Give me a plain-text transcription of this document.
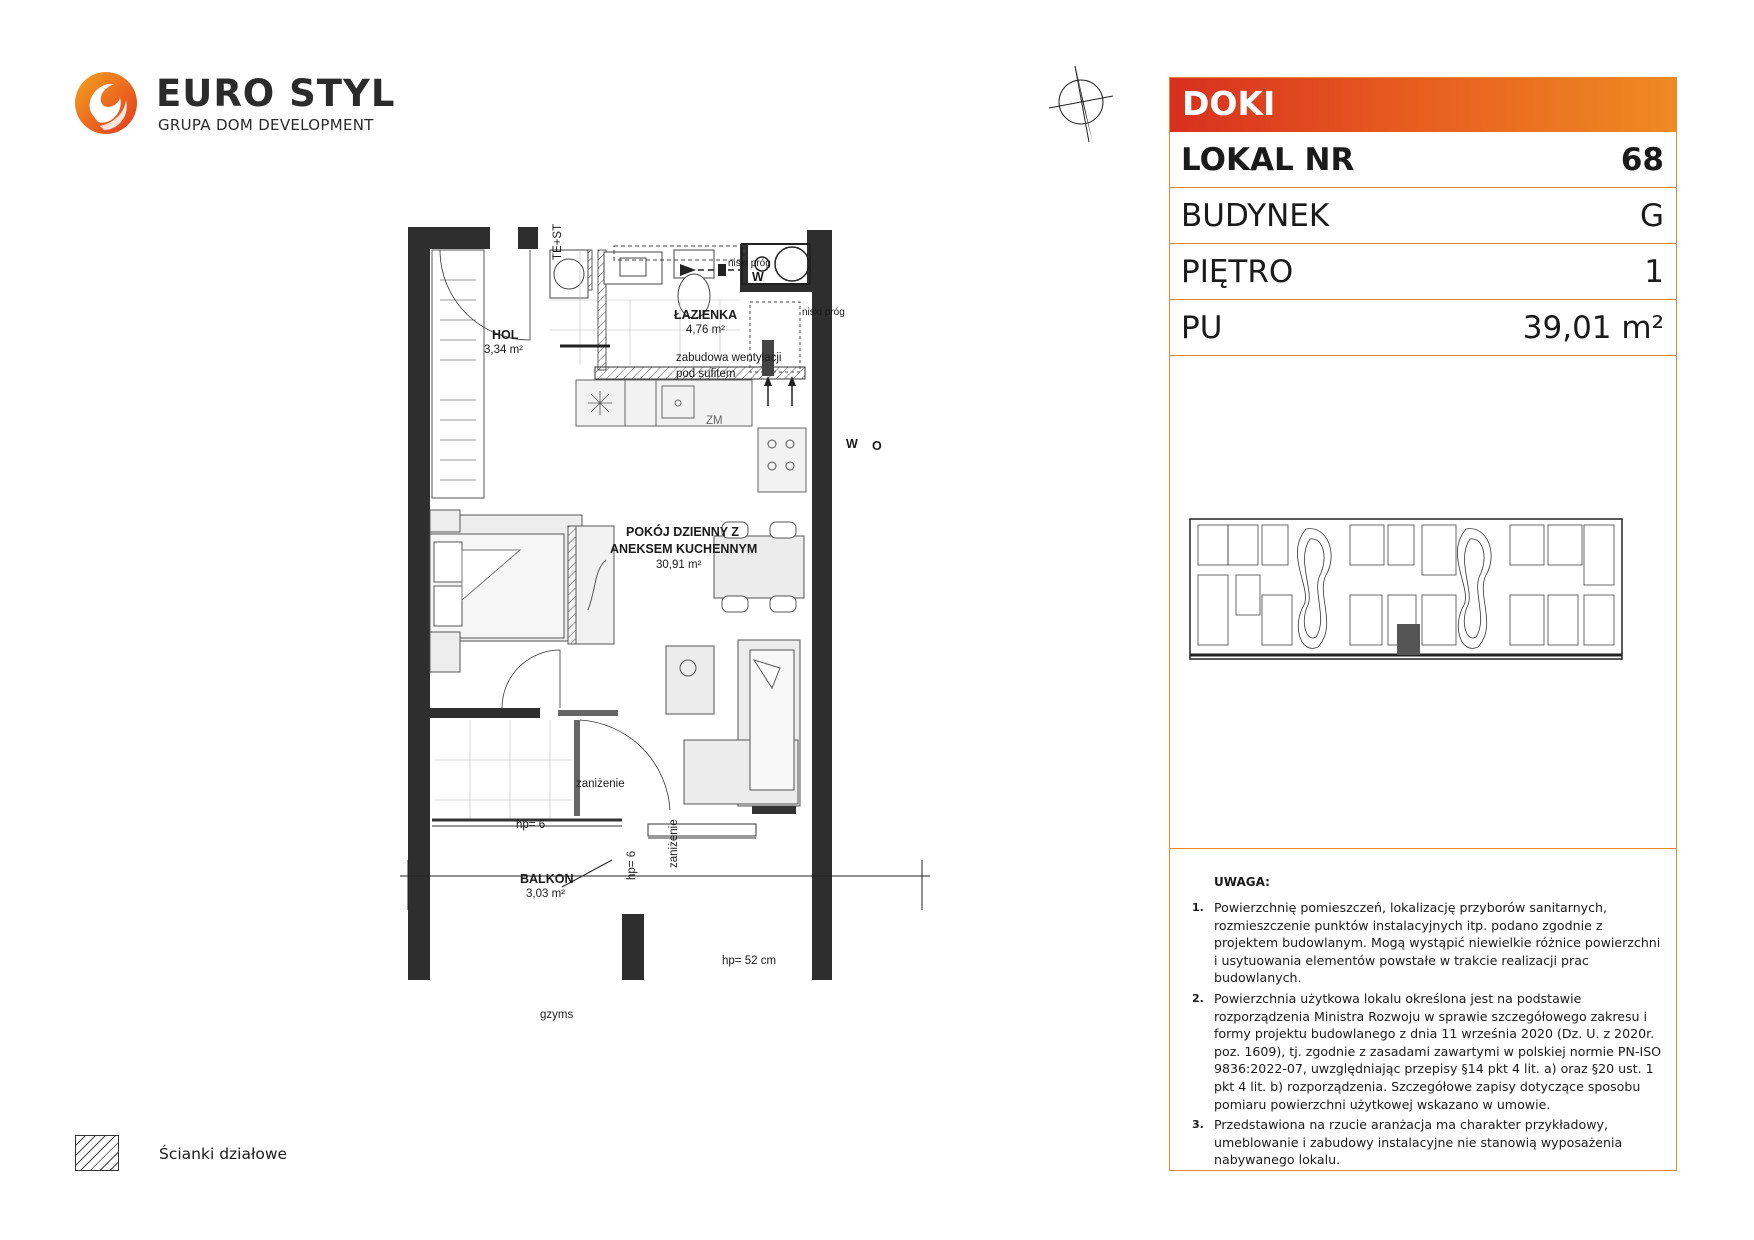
EURO STYL
GRUPA DOM DEVELOPMENT
HOL
3,34 m²
ŁAZIENKA
4,76 m²
POKÓJ DZIENNY Z
ANEKSEM KUCHENNYM
30,91 m²
BALKON
3,03 m²
TE+ST
niski próg
niski próg
zabudowa wentylacji
pod sufitem
ZM
W
W O
zaniżenie
zaniżenie
hp= 6
hp= 6
hp= 52 cm
gzyms
DOKI
LOKAL NR	68
BUDYNEK	G
PIĘTRO	1
PU	39,01 m²
UWAGA:
1. Powierzchnię pomieszczeń, lokalizację przyborów sanitarnych, rozmieszczenie punktów instalacyjnych itp. podano zgodnie z projektem budowlanym. Mogą wystąpić niewielkie różnice powierzchni i usytuowania elementów powstałe w trakcie realizacji prac budowlanych.
2. Powierzchnia użytkowa lokalu określona jest na podstawie rozporządzenia Ministra Rozwoju w sprawie szczegółowego zakresu i formy projektu budowlanego z dnia 11 września 2020 (Dz. U. z 2020r. poz. 1609), tj. zgodnie z zasadami zawartymi w polskiej normie PN-ISO 9836:2022-07, uwzględniając przepisy §14 pkt 4 lit. a) oraz §20 ust. 1 pkt 4 lit. b) rozporządzenia. Szczegółowe zapisy dotyczące sposobu pomiaru powierzchni użytkowej wskazano w umowie.
3. Przedstawiona na rzucie aranżacja ma charakter przykładowy, umeblowanie i zabudowy instalacyjne nie stanowią wyposażenia nabywanego lokalu.
Ścianki działowe
